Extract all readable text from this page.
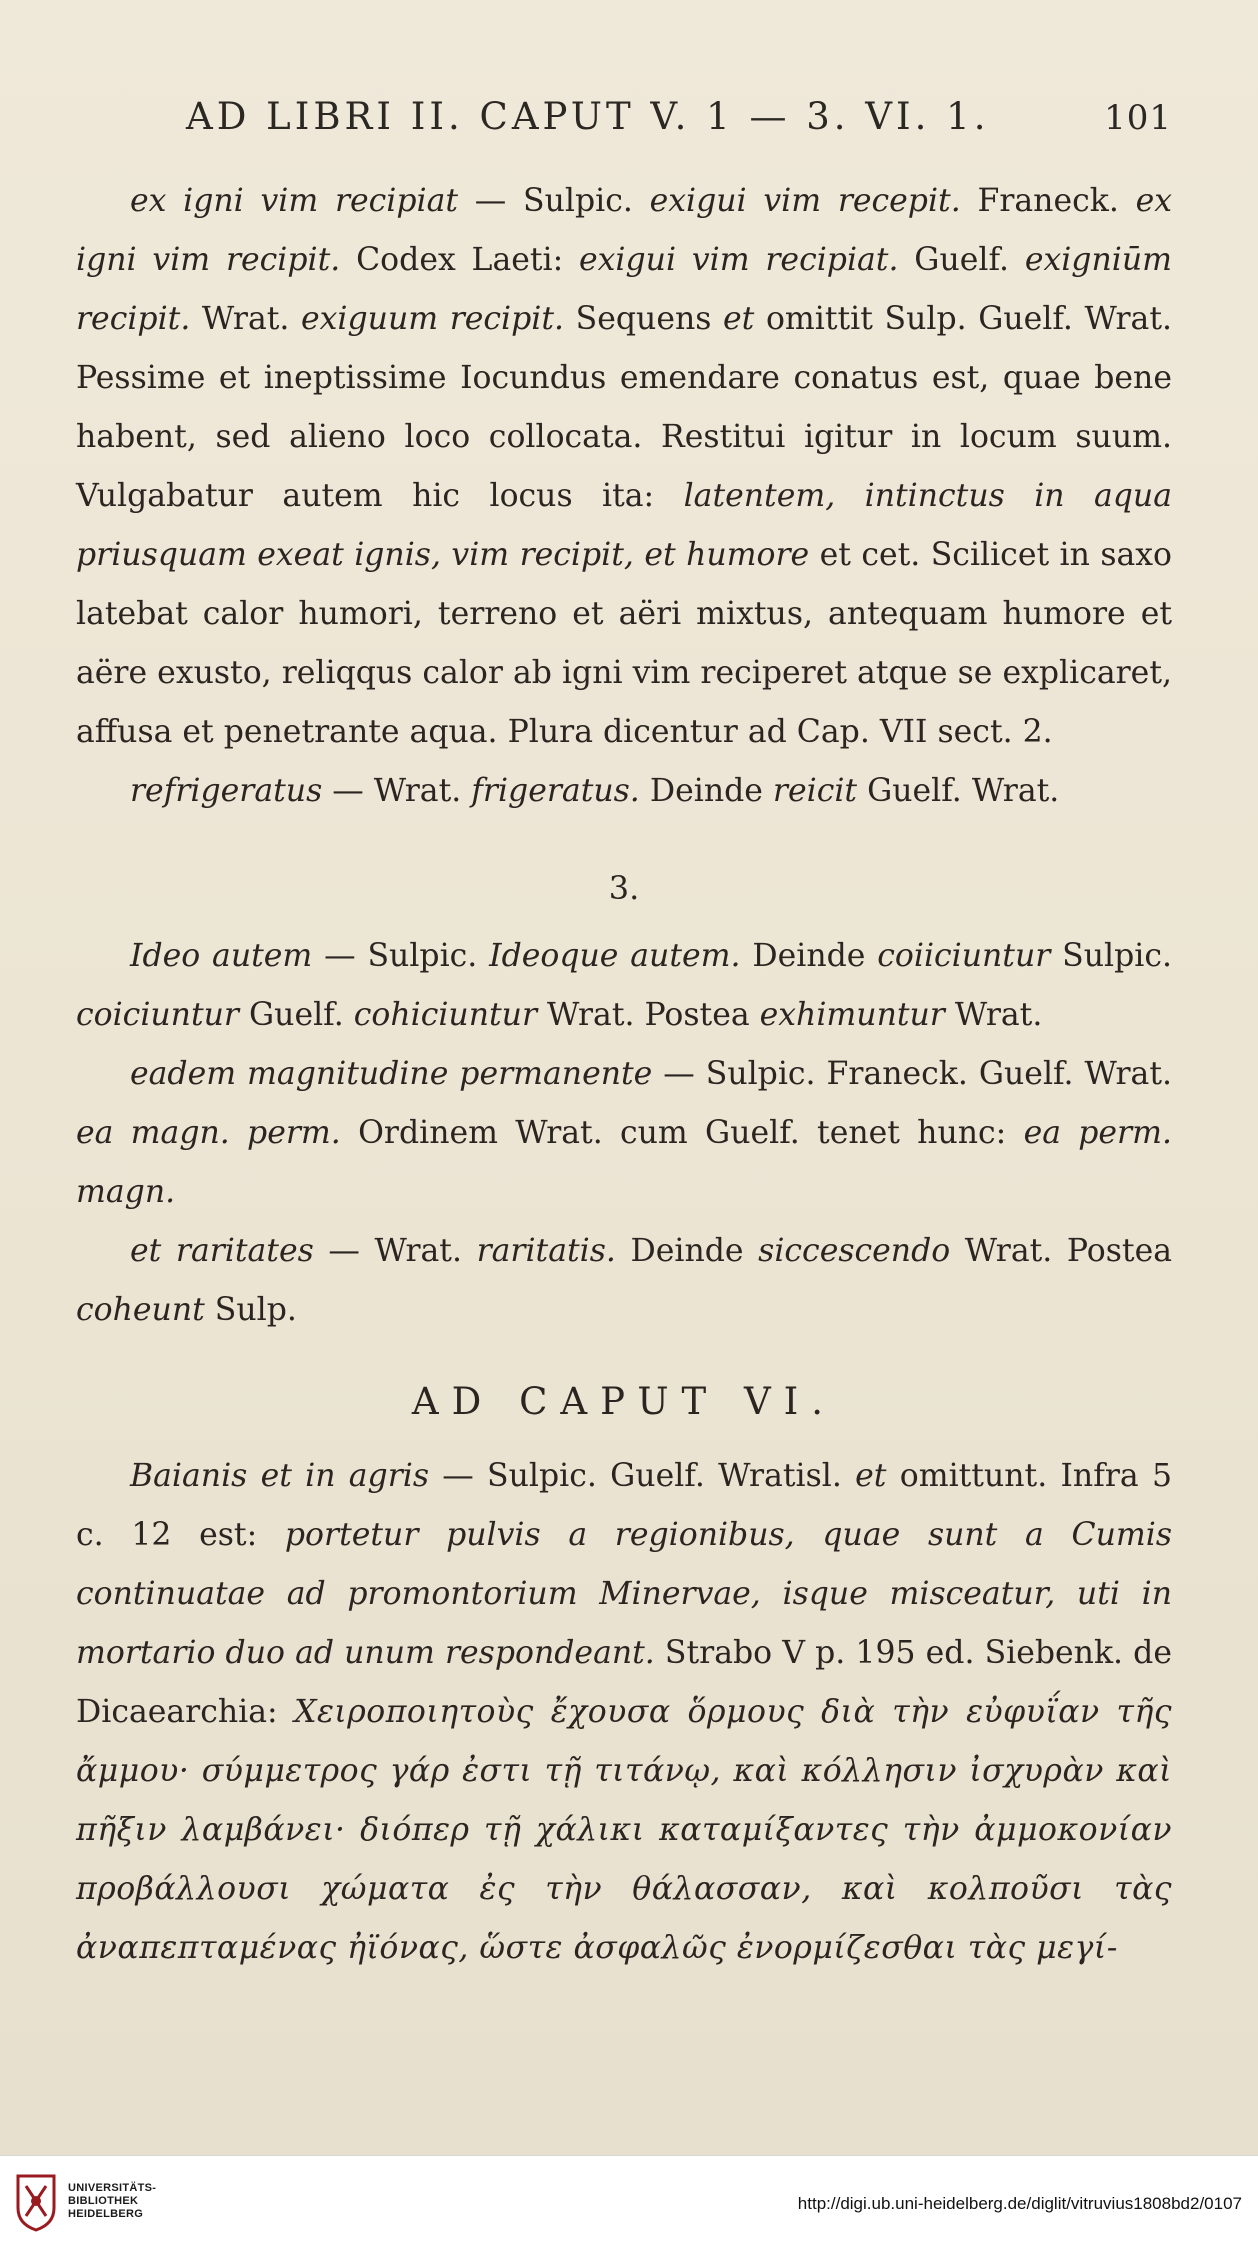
AD LIBRI II. CAPUT V. 1 — 3. VI. 1.	101

ex igni vim recipiat — Sulpic. exigui vim recepit. Franeck. ex igni vim recipit. Codex Laeti: exigui vim recipiat. Guelf. exigniūm recipit. Wrat. exiguum recipit. Sequens et omittit Sulp. Guelf. Wrat. Pessime et ineptissime Iocundus emendare conatus est, quae bene habent, sed alieno loco collocata. Restitui igitur in locum suum. Vulgabatur autem hic locus ita: latentem, intinctus in aqua priusquam exeat ignis, vim recipit, et humore et cet. Scilicet in saxo latebat calor humori, terreno et aëri mixtus, antequam humore et aëre exusto, reliqqus calor ab igni vim reciperet atque se explicaret, affusa et penetrante aqua. Plura dicentur ad Cap. VII sect. 2.

refrigeratus — Wrat. frigeratus. Deinde reicit Guelf. Wrat.

3.

Ideo autem — Sulpic. Ideoque autem. Deinde coiiciuntur Sulpic. coiciuntur Guelf. cohiciuntur Wrat. Postea exhimuntur Wrat.

eadem magnitudine permanente — Sulpic. Franeck. Guelf. Wrat. ea magn. perm. Ordinem Wrat. cum Guelf. tenet hunc: ea perm. magn.

et raritates — Wrat. raritatis. Deinde siccescendo Wrat. Postea coheunt Sulp.

AD CAPUT VI.

Baianis et in agris — Sulpic. Guelf. Wratisl. et omittunt. Infra 5 c. 12 est: portetur pulvis a regionibus, quae sunt a Cumis continuatae ad promontorium Minervae, isque misceatur, uti in mortario duo ad unum respondeant. Strabo V p. 195 ed. Siebenk. de Dicaearchia: Χειροποιητοὺς ἔχουσα ὅρμους διὰ τὴν εὐφυΐαν τῆς ἄμμου· σύμμετρος γάρ ἐστι τῇ τιτάνῳ, καὶ κόλλησιν ἰσχυρὰν καὶ πῆξιν λαμβάνει· διόπερ τῇ χάλικι καταμίξαντες τὴν ἀμμοκονίαν προβάλλουσι χώματα ἐς τὴν θάλασσαν, καὶ κολποῦσι τὰς ἀναπεπταμένας ἠϊόνας, ὥστε ἀσφαλῶς ἐνορμίζεσθαι τὰς μεγί-

UNIVERSITÄTS-
BIBLIOTHEK
HEIDELBERG
http://digi.ub.uni-heidelberg.de/diglit/vitruvius1808bd2/0107
